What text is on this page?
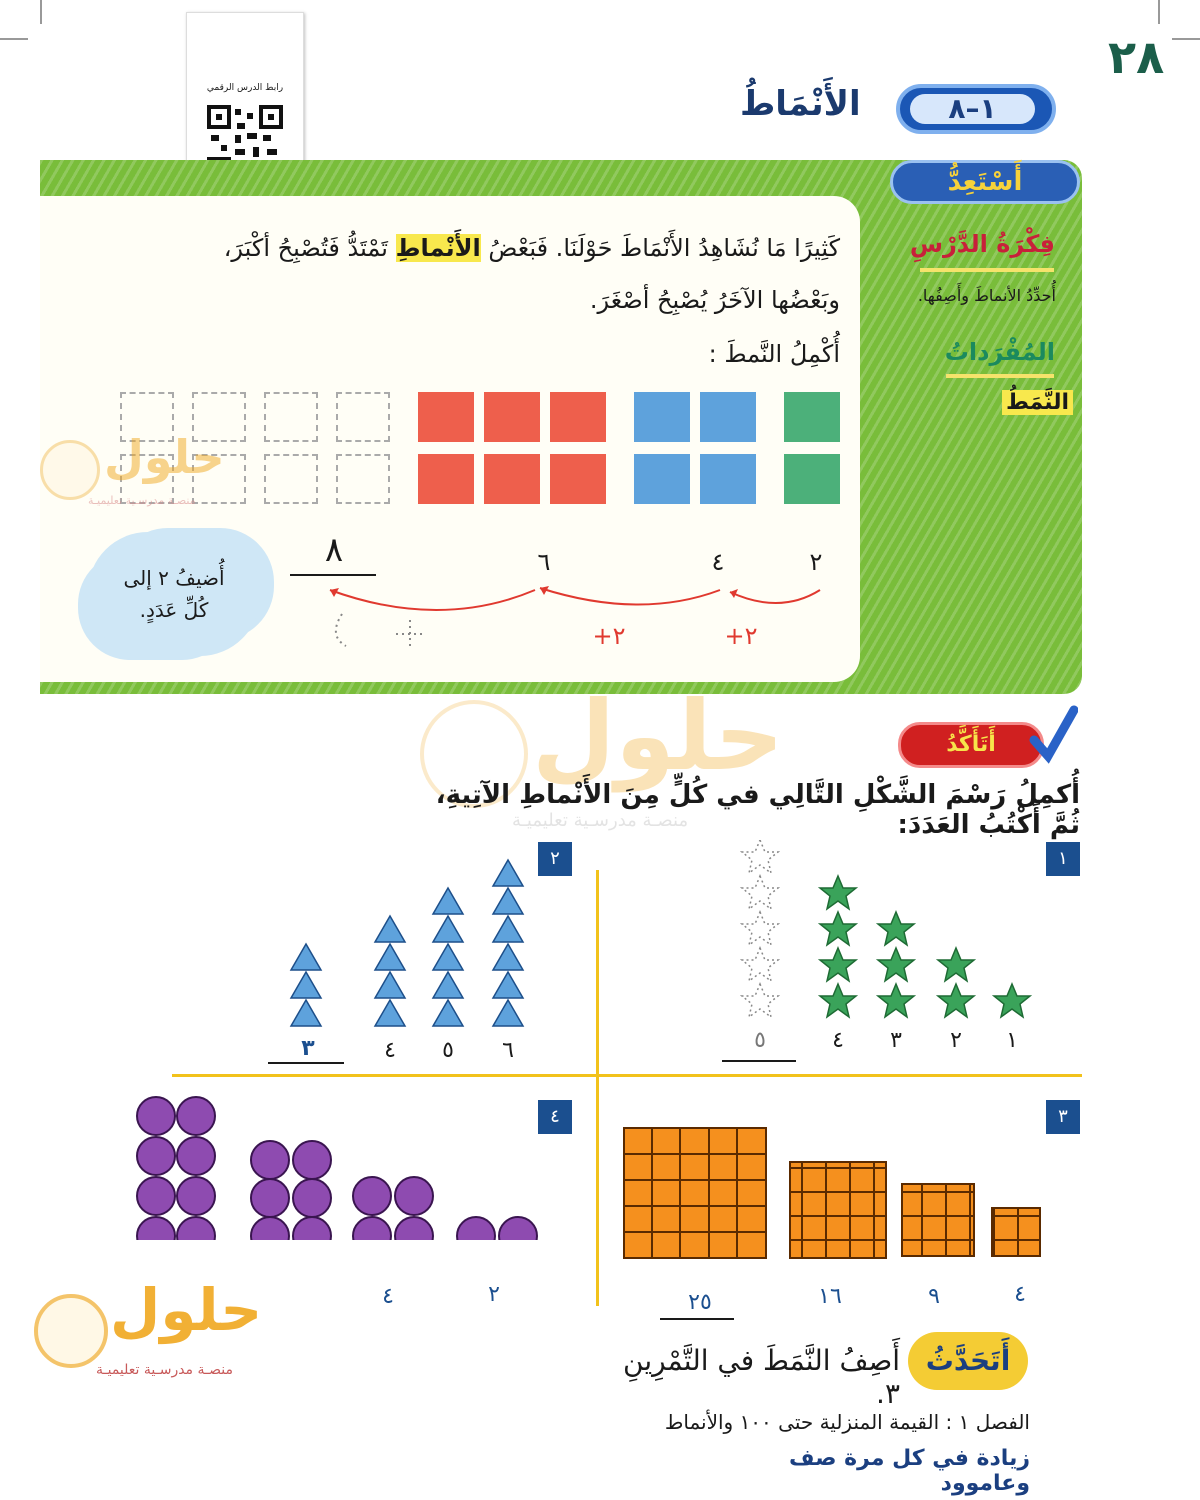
٢٨
رابط الدرس الرقمي
١–٨
الأَنْمَاطُ
أَسْتَعِدُّ
فِكْرَةُ الدَّرْسِ
أُحدِّدُ الأنماطَ وأَصِفُها.
المُفْرَداتُ
النَّمَطُ
كَثِيرًا مَا نُشَاهِدُ الأَنْمَاطَ حَوْلَنَا. فَبَعْضُ الأَنْماطِ تَمْتَدُّ فَتُصْبِحُ أكْبَرَ،
وبَعْضُها الآخَرُ يُصْبِحُ أصْغَرَ.
أُكْمِلُ النَّمطَ :
٢
٤
٦
٨
+٢
+٢
أُضيفُ ٢ إلى
كُلِّ عَدَدٍ.
حلول
منصـة مدرسـية تعليميـة
أَتَأَكَّدُ
حلول
منصـة مدرسـية تعليميـة
أُكمِلُ رَسْمَ الشَّكْلِ التَّالِي في كُلٍّ مِنَ الأَنْماطِ الآتِيةِ، ثُمَّ أَكْتُبُ العَدَدَ:
١
١
٢
٣
٤
٥
٢
٦
٥
٤
٣
٣
٤
٩
١٦
٢٥
٤
٢
٤
حلول
منصـة مدرسـية تعليميـة	أَتَحَدَّثُ
أَصِفُ النَّمَطَ في التَّمْرِينِ ٣.
الفصل ١ : القيمة المنزلية حتى ١٠٠ والأنماط
زيادة في كل مرة صف وعاموود
